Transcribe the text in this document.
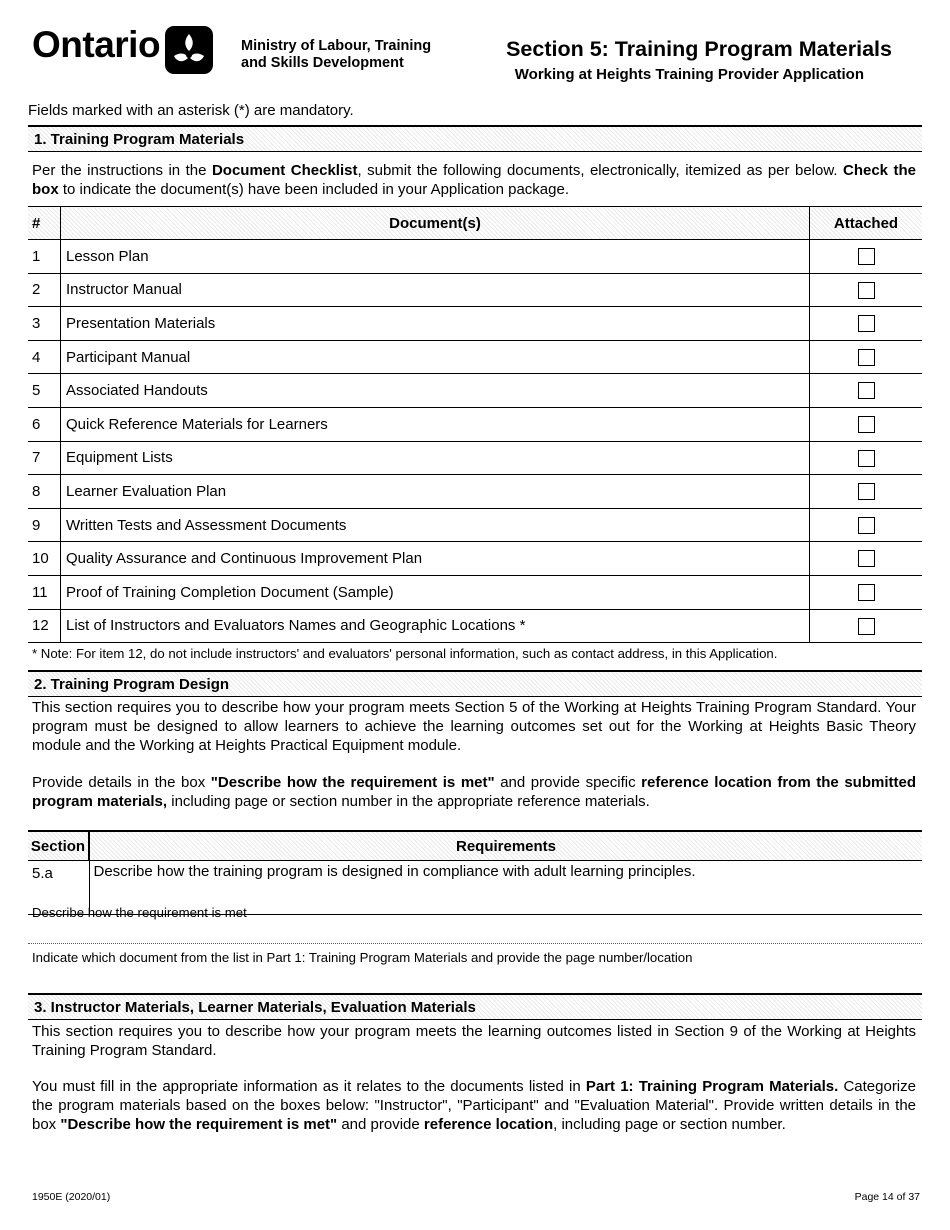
Ontario	Ministry of Labour, Training
and Skills Development
Section 5: Training Program Materials
Working at Heights Training Provider Application
Fields marked with an asterisk (*) are mandatory.
1. Training Program Materials
Per the instructions in the Document Checklist, submit the following documents, electronically, itemized as per below. Check the box to indicate the document(s) have been included in your Application package.
#	Document(s)	Attached
1	Lesson Plan	
2	Instructor Manual	
3	Presentation Materials	
4	Participant Manual	
5	Associated Handouts	
6	Quick Reference Materials for Learners	
7	Equipment Lists	
8	Learner Evaluation Plan	
9	Written Tests and Assessment Documents	
10	Quality Assurance and Continuous Improvement Plan	
11	Proof of Training Completion Document (Sample)	
12	List of Instructors and Evaluators Names and Geographic Locations *	
* Note: For item 12, do not include instructors' and evaluators' personal information, such as contact address, in this Application.
2. Training Program Design
This section requires you to describe how your program meets Section 5 of the Working at Heights Training Program Standard. Your program must be designed to allow learners to achieve the learning outcomes set out for the Working at Heights Basic Theory module and the Working at Heights Practical Equipment module.
Provide details in the box "Describe how the requirement is met" and provide specific reference location from the submitted program materials, including page or section number in the appropriate reference materials.
Section	Requirements
5.a	Describe how the training program is designed in compliance with adult learning principles.
Describe how the requirement is met
Indicate which document from the list in Part 1: Training Program Materials and provide the page number/location
3. Instructor Materials, Learner Materials, Evaluation Materials
This section requires you to describe how your program meets the learning outcomes listed in Section 9 of the Working at Heights Training Program Standard.
You must fill in the appropriate information as it relates to the documents listed in Part 1: Training Program Materials. Categorize the program materials based on the boxes below: "Instructor", "Participant" and "Evaluation Material". Provide written details in the box "Describe how the requirement is met" and provide reference location, including page or section number.
1950E (2020/01)	Page 14 of 37
